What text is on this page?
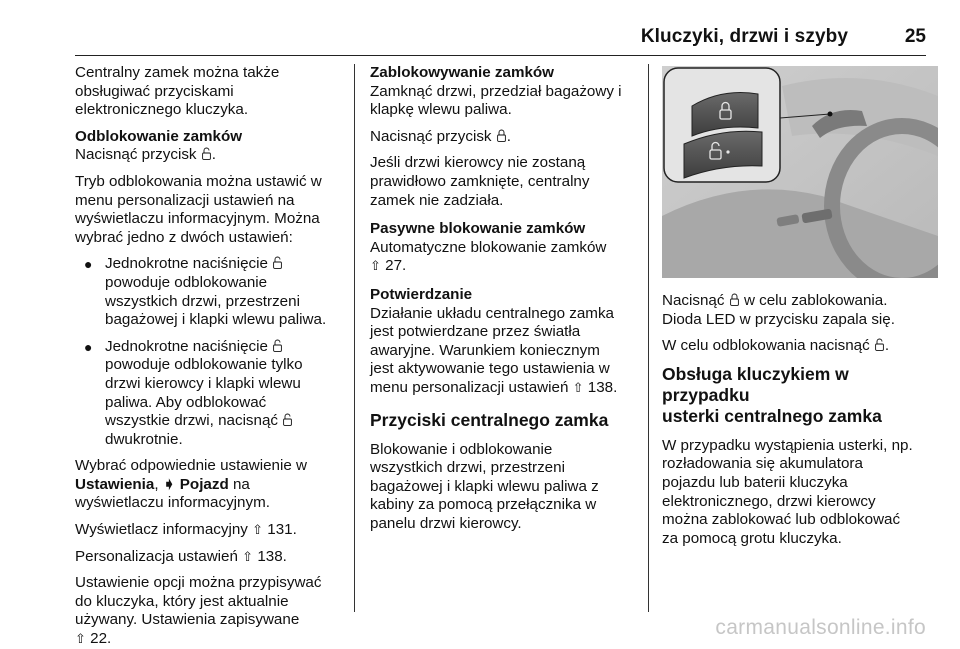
Kluczyki, drzwi i szyby	25

Centralny zamek można także
obsługiwać przyciskami
elektronicznego kluczyka.

Odblokowanie zamków

Nacisnąć przycisk .

Tryb odblokowania można ustawić w
menu personalizacji ustawień na
wyświetlaczu informacyjnym. Można
wybrać jedno z dwóch ustawień:

● Jednokrotne naciśnięcie
powoduje odblokowanie
wszystkich drzwi, przestrzeni
bagażowej i klapki wlewu paliwa.
● Jednokrotne naciśnięcie
powoduje odblokowanie tylko
drzwi kierowcy i klapki wlewu
paliwa. Aby odblokować
wszystkie drzwi, nacisnąć
dwukrotnie.

Wybrać odpowiednie ustawienie w
Ustawienia, ➧ Pojazd na
wyświetlaczu informacyjnym.

Wyświetlacz informacyjny ⇧ 131.

Personalizacja ustawień ⇧ 138.

Ustawienie opcji można przypisywać
do kluczyka, który jest aktualnie
używany. Ustawienia zapisywane
⇧ 22.

Zablokowywanie zamków

Zamknąć drzwi, przedział bagażowy i
klapkę wlewu paliwa.

Nacisnąć przycisk .

Jeśli drzwi kierowcy nie zostaną
prawidłowo zamknięte, centralny
zamek nie zadziała.

Pasywne blokowanie zamków

Automatyczne blokowanie zamków
⇧ 27.

Potwierdzanie

Działanie układu centralnego zamka
jest potwierdzane przez światła
awaryjne. Warunkiem koniecznym
jest aktywowanie tego ustawienia w
menu personalizacji ustawień ⇧ 138.

Przyciski centralnego zamka

Blokowanie i odblokowanie
wszystkich drzwi, przestrzeni
bagażowej i klapki wlewu paliwa z
kabiny za pomocą przełącznika w
panelu drzwi kierowcy.

Nacisnąć w celu zablokowania.
Dioda LED w przycisku zapala się.

W celu odblokowania nacisnąć .

Obsługa kluczykiem w przypadku
usterki centralnego zamka

W przypadku wystąpienia usterki, np.
rozładowania się akumulatora
pojazdu lub baterii kluczyka
elektronicznego, drzwi kierowcy
można zablokować lub odblokować
za pomocą grotu kluczyka.

carmanualsonline.info
